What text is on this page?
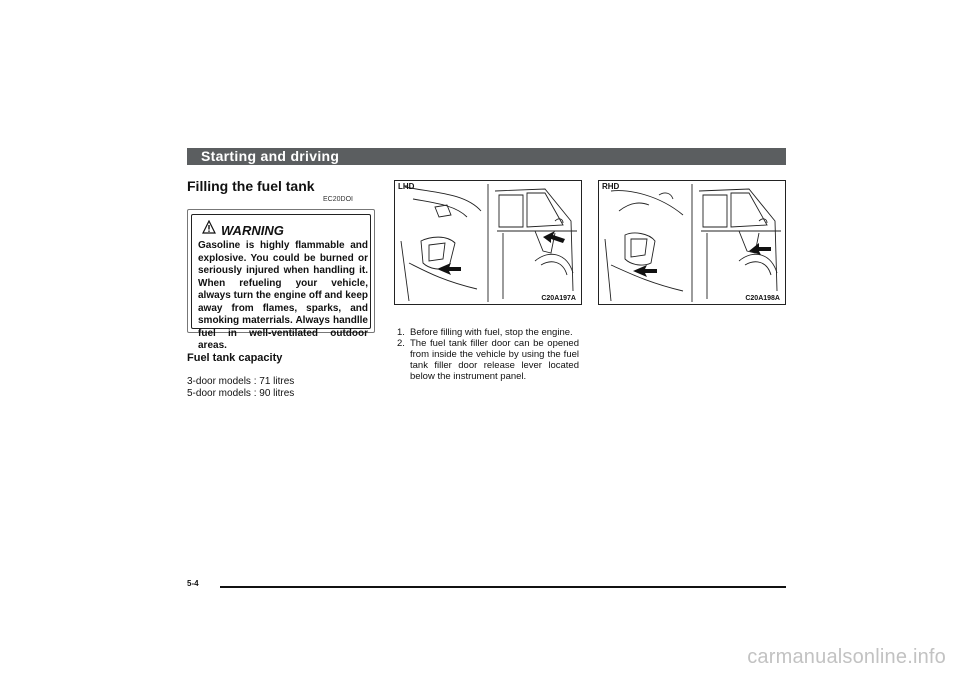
Starting and driving
Filling the fuel tank
EC20DOI
WARNING
Gasoline is highly flammable and explosive. You could be burned or seriously injured when handling it. When refueling your vehicle, always turn the engine off and keep away from flames, sparks, and smoking materrials. Always handlle fuel in well-ventilated outdoor areas.
Fuel tank capacity
3-door models : 71 litres
5-door models : 90 litres
LHD
C20A197A
RHD
C20A198A
1. Before filling with fuel, stop the engine.
2. The fuel tank filler door can be opened from inside the vehicle by using the fuel tank filler door release lever located below the instrument panel.
5-4
carmanualsonline.info
